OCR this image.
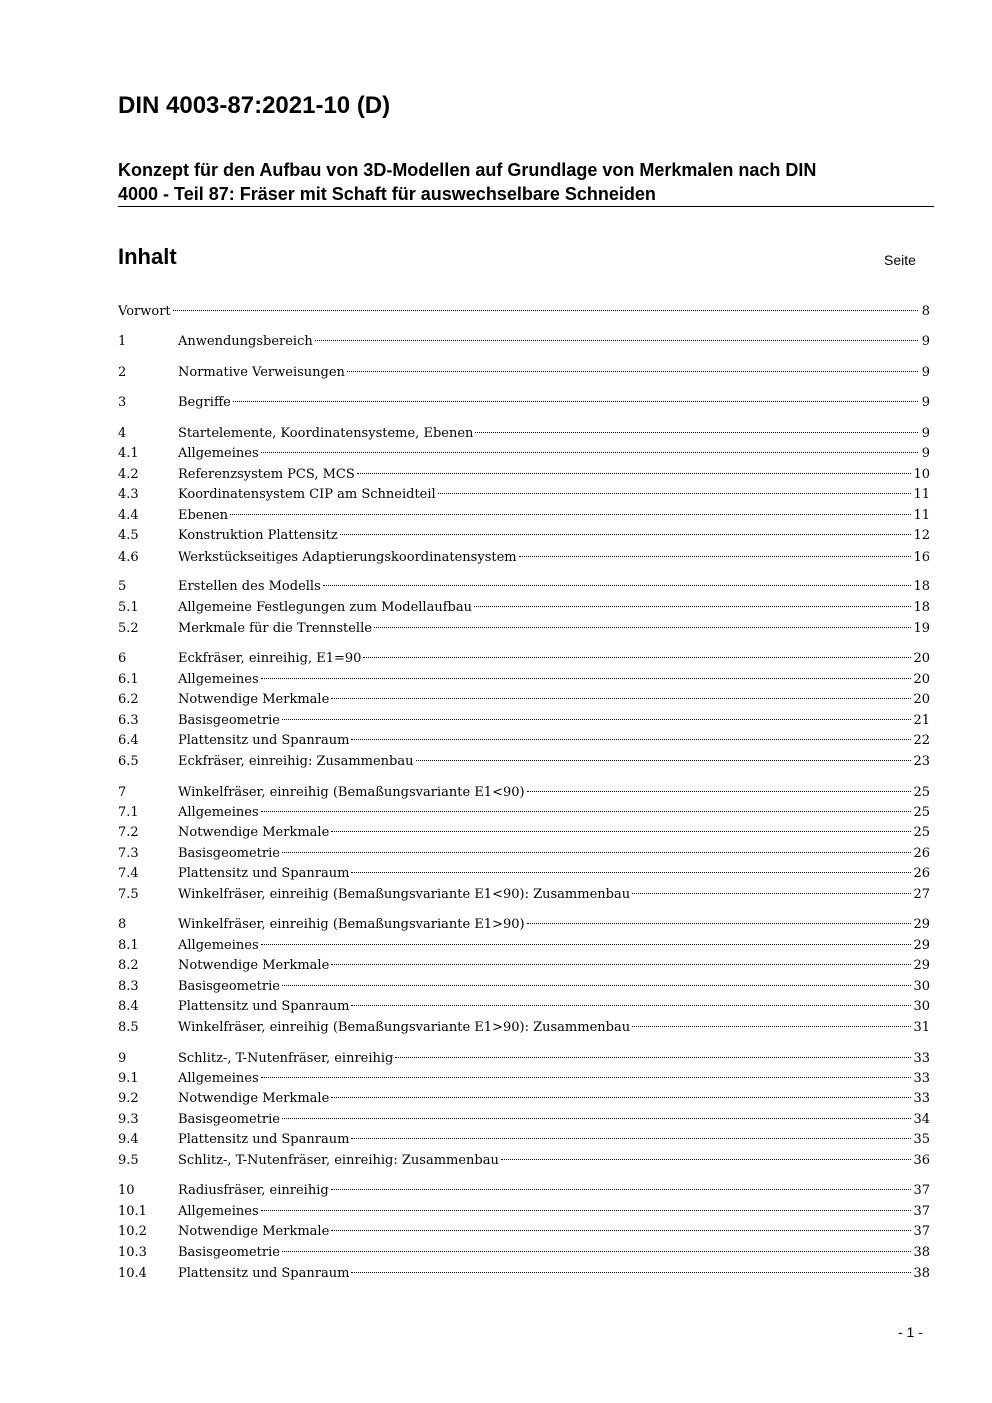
DIN 4003-87:2021-10 (D)
Konzept für den Aufbau von 3D-Modellen auf Grundlage von Merkmalen nach DIN
4000 - Teil 87: Fräser mit Schaft für auswechselbare Schneiden
Inhalt	Seite
Vorwort	8
1	Anwendungsbereich	9
2	Normative Verweisungen	9
3	Begriffe	9
4	Startelemente, Koordinatensysteme, Ebenen	9
4.1	Allgemeines	9
4.2	Referenzsystem PCS, MCS	10
4.3	Koordinatensystem CIP am Schneidteil	11
4.4	Ebenen	11
4.5	Konstruktion Plattensitz	12
4.6	Werkstückseitiges Adaptierungskoordinatensystem	16
5	Erstellen des Modells	18
5.1	Allgemeine Festlegungen zum Modellaufbau	18
5.2	Merkmale für die Trennstelle	19
6	Eckfräser, einreihig, E1=90	20
6.1	Allgemeines	20
6.2	Notwendige Merkmale	20
6.3	Basisgeometrie	21
6.4	Plattensitz und Spanraum	22
6.5	Eckfräser, einreihig: Zusammenbau	23
7	Winkelfräser, einreihig (Bemaßungsvariante E1<90)	25
7.1	Allgemeines	25
7.2	Notwendige Merkmale	25
7.3	Basisgeometrie	26
7.4	Plattensitz und Spanraum	26
7.5	Winkelfräser, einreihig (Bemaßungsvariante E1<90): Zusammenbau	27
8	Winkelfräser, einreihig (Bemaßungsvariante E1>90)	29
8.1	Allgemeines	29
8.2	Notwendige Merkmale	29
8.3	Basisgeometrie	30
8.4	Plattensitz und Spanraum	30
8.5	Winkelfräser, einreihig (Bemaßungsvariante E1>90): Zusammenbau	31
9	Schlitz-, T-Nutenfräser, einreihig	33
9.1	Allgemeines	33
9.2	Notwendige Merkmale	33
9.3	Basisgeometrie	34
9.4	Plattensitz und Spanraum	35
9.5	Schlitz-, T-Nutenfräser, einreihig: Zusammenbau	36
10	Radiusfräser, einreihig	37
10.1	Allgemeines	37
10.2	Notwendige Merkmale	37
10.3	Basisgeometrie	38
10.4	Plattensitz und Spanraum	38
- 1 -
